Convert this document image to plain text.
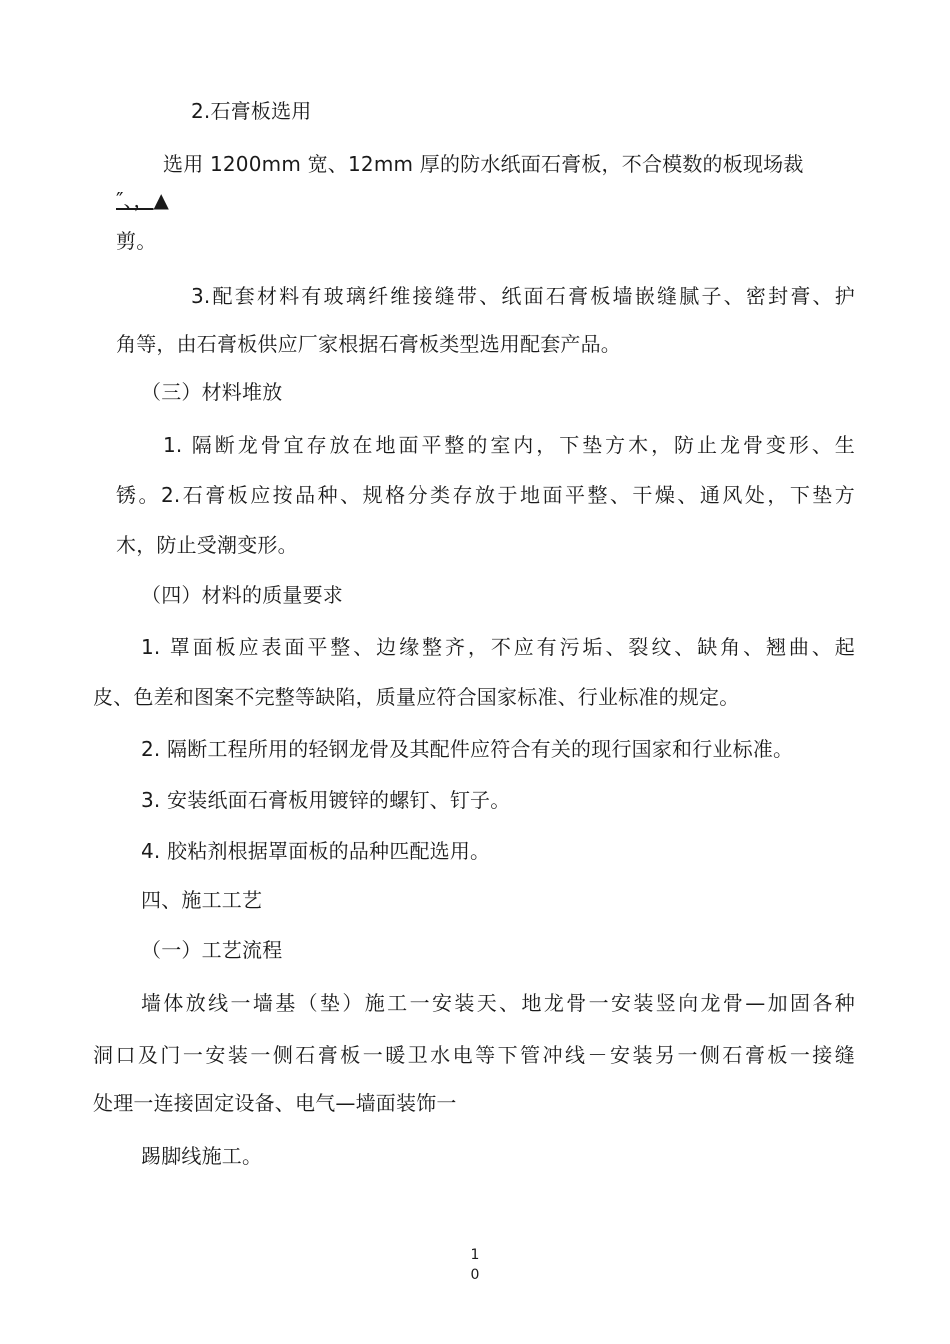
2.石膏板选用
选用 1200mm 宽、12mm 厚的防水纸面石膏板，不合模数的板现场裁
″、，▲
剪。
3.配套材料有玻璃纤维接缝带、纸面石膏板墙嵌缝腻子、密封膏、护
角等，由石膏板供应厂家根据石膏板类型选用配套产品。
（三）材料堆放
1. 隔断龙骨宜存放在地面平整的室内，下垫方木，防止龙骨变形、生
锈。2.石膏板应按品种、规格分类存放于地面平整、干燥、通风处，下垫方
木，防止受潮变形。
（四）材料的质量要求
1. 罩面板应表面平整、边缘整齐，不应有污垢、裂纹、缺角、翘曲、起
皮、色差和图案不完整等缺陷，质量应符合国家标准、行业标准的规定。
2. 隔断工程所用的轻钢龙骨及其配件应符合有关的现行国家和行业标准。
3. 安装纸面石膏板用镀锌的螺钉、钉子。
4. 胶粘剂根据罩面板的品种匹配选用。
四、施工工艺
（一）工艺流程
墙体放线一墙基（垫）施工一安装天、地龙骨一安装竖向龙骨—加固各种
洞口及门一安装一侧石膏板一暖卫水电等下管冲线－安装另一侧石膏板一接缝
处理一连接固定设备、电气—墙面装饰一
踢脚线施工。
1
0
